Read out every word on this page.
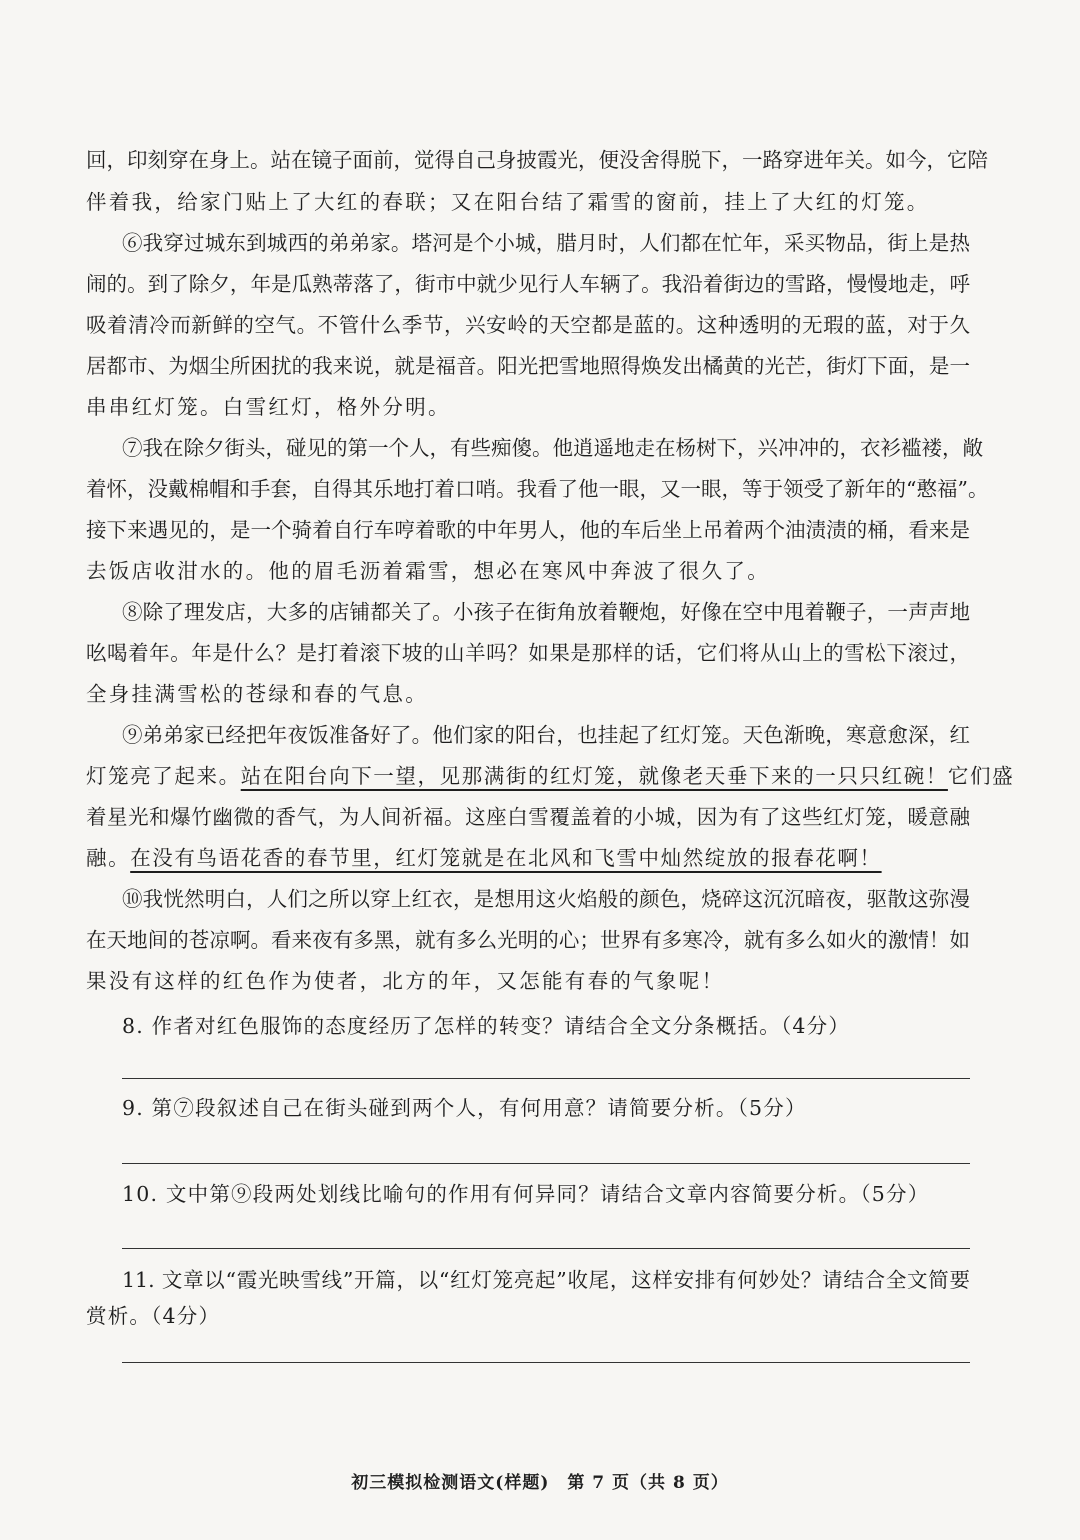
回，印刻穿在身上。站在镜子面前，觉得自己身披霞光，便没舍得脱下，一路穿进年关。如今，它陪
伴着我，给家门贴上了大红的春联；又在阳台结了霜雪的窗前，挂上了大红的灯笼。
⑥我穿过城东到城西的弟弟家。塔河是个小城，腊月时，人们都在忙年，采买物品，街上是热
闹的。到了除夕，年是瓜熟蒂落了，街市中就少见行人车辆了。我沿着街边的雪路，慢慢地走，呼
吸着清冷而新鲜的空气。不管什么季节，兴安岭的天空都是蓝的。这种透明的无瑕的蓝，对于久
居都市、为烟尘所困扰的我来说，就是福音。阳光把雪地照得焕发出橘黄的光芒，街灯下面，是一
串串红灯笼。白雪红灯，格外分明。
⑦我在除夕街头，碰见的第一个人，有些痴傻。他逍遥地走在杨树下，兴冲冲的，衣衫褴褛，敞
着怀，没戴棉帽和手套，自得其乐地打着口哨。我看了他一眼，又一眼，等于领受了新年的“憨福”。
接下来遇见的，是一个骑着自行车哼着歌的中年男人，他的车后坐上吊着两个油渍渍的桶，看来是
去饭店收泔水的。他的眉毛沥着霜雪，想必在寒风中奔波了很久了。
⑧除了理发店，大多的店铺都关了。小孩子在街角放着鞭炮，好像在空中甩着鞭子，一声声地
吆喝着年。年是什么？是打着滚下坡的山羊吗？如果是那样的话，它们将从山上的雪松下滚过，
全身挂满雪松的苍绿和春的气息。
⑨弟弟家已经把年夜饭准备好了。他们家的阳台，也挂起了红灯笼。天色渐晚，寒意愈深，红
灯笼亮了起来。站在阳台向下一望，见那满街的红灯笼，就像老天垂下来的一只只红碗！它们盛
着星光和爆竹幽微的香气，为人间祈福。这座白雪覆盖着的小城，因为有了这些红灯笼，暖意融
融。在没有鸟语花香的春节里，红灯笼就是在北风和飞雪中灿然绽放的报春花啊！
⑩我恍然明白，人们之所以穿上红衣，是想用这火焰般的颜色，烧碎这沉沉暗夜，驱散这弥漫
在天地间的苍凉啊。看来夜有多黑，就有多么光明的心；世界有多寒冷，就有多么如火的激情！如
果没有这样的红色作为使者，北方的年，又怎能有春的气象呢！
8. 作者对红色服饰的态度经历了怎样的转变？请结合全文分条概括。（4分）
9. 第⑦段叙述自己在街头碰到两个人，有何用意？请简要分析。（5分）
10. 文中第⑨段两处划线比喻句的作用有何异同？请结合文章内容简要分析。（5分）
11. 文章以“霞光映雪线”开篇，以“红灯笼亮起”收尾，这样安排有何妙处？请结合全文简要
赏析。（4分）
初三模拟检测语文(样题)　第 7 页（共 8 页）
